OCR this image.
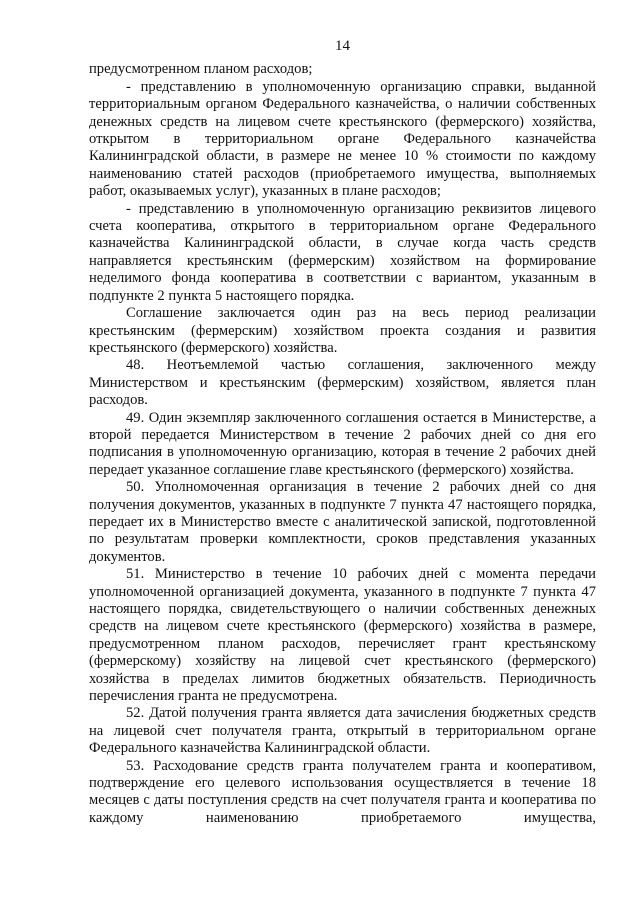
14

предусмотренном планом расходов;

- представлению в уполномоченную организацию справки, выданной территориальным органом Федерального казначейства, о наличии собственных денежных средств на лицевом счете крестьянского (фермерского) хозяйства, открытом в территориальном органе Федерального казначейства Калининградской области, в размере не менее 10 % стоимости по каждому наименованию статей расходов (приобретаемого имущества, выполняемых работ, оказываемых услуг), указанных в плане расходов;

- представлению в уполномоченную организацию реквизитов лицевого счета кооператива, открытого в территориальном органе Федерального казначейства Калининградской области, в случае когда часть средств направляется крестьянским (фермерским) хозяйством на формирование неделимого фонда кооператива в соответствии с вариантом, указанным в подпункте 2 пункта 5 настоящего порядка.

Соглашение заключается один раз на весь период реализации крестьянским (фермерским) хозяйством проекта создания и развития крестьянского (фермерского) хозяйства.

48. Неотъемлемой частью соглашения, заключенного между Министерством и крестьянским (фермерским) хозяйством, является план расходов.

49. Один экземпляр заключенного соглашения остается в Министерстве, а второй передается Министерством в течение 2 рабочих дней со дня его подписания в уполномоченную организацию, которая в течение 2 рабочих дней передает указанное соглашение главе крестьянского (фермерского) хозяйства.

50. Уполномоченная организация в течение 2 рабочих дней со дня получения документов, указанных в подпункте 7 пункта 47 настоящего порядка, передает их в Министерство вместе с аналитической запиской, подготовленной по результатам проверки комплектности, сроков представления указанных документов.

51. Министерство в течение 10 рабочих дней с момента передачи уполномоченной организацией документа, указанного в подпункте 7 пункта 47 настоящего порядка, свидетельствующего о наличии собственных денежных средств на лицевом счете крестьянского (фермерского) хозяйства в размере, предусмотренном планом расходов, перечисляет грант крестьянскому (фермерскому) хозяйству на лицевой счет крестьянского (фермерского) хозяйства в пределах лимитов бюджетных обязательств. Периодичность перечисления гранта не предусмотрена.

52. Датой получения гранта является дата зачисления бюджетных средств на лицевой счет получателя гранта, открытый в территориальном органе Федерального казначейства Калининградской области.

53. Расходование средств гранта получателем гранта и кооперативом, подтверждение его целевого использования осуществляется в течение 18 месяцев с даты поступления средств на счет получателя гранта и кооператива по каждому наименованию приобретаемого имущества,
